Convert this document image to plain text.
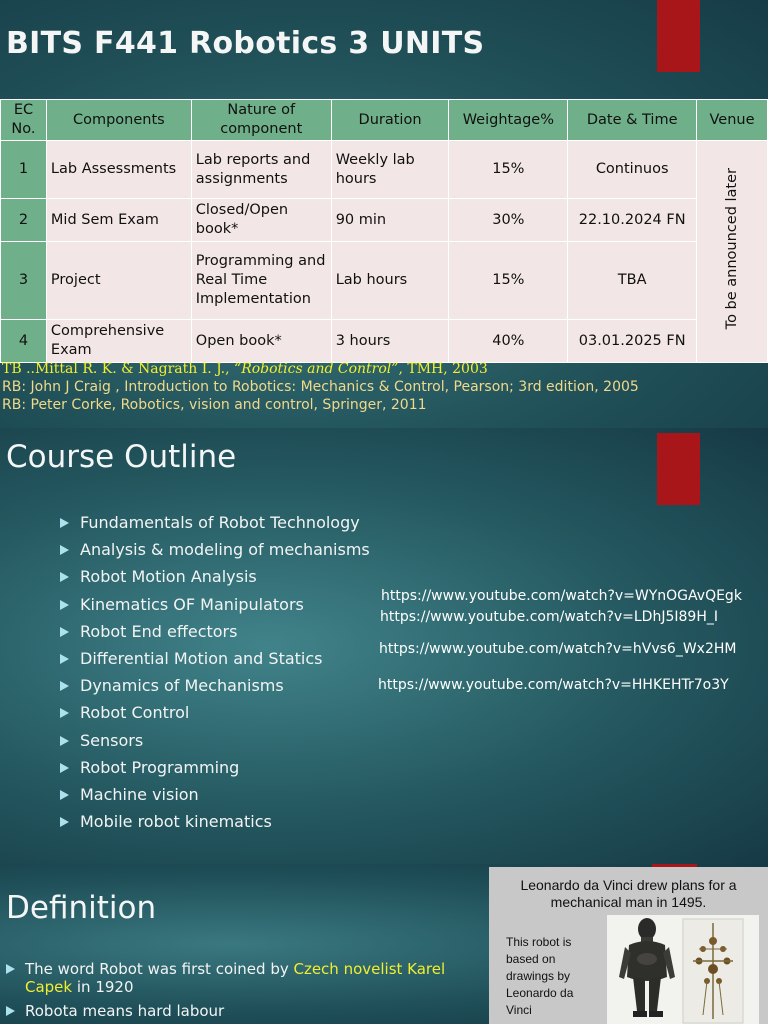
BITS F441 Robotics 3 UNITS
EC No.	Components	Nature of component	Duration	Weightage%	Date & Time	Venue
1	Lab Assessments	Lab reports and assignments	Weekly lab hours	15%	Continuos	To be announced later
2	Mid Sem Exam	Closed/Open book*	90 min	30%	22.10.2024 FN	
3	Project	Programming and Real Time Implementation	Lab hours	15%	TBA	
4	Comprehensive Exam	Open book*	3 hours	40%	03.01.2025 FN	
TB ..Mittal R. K. & Nagrath I. J., “Robotics and Control”, TMH, 2003
RB: John J Craig , Introduction to Robotics: Mechanics & Control, Pearson; 3rd edition, 2005
RB: Peter Corke, Robotics, vision and control, Springer, 2011
Course Outline
Fundamentals of Robot Technology
Analysis & modeling of mechanisms
Robot Motion Analysis
Kinematics OF Manipulators
Robot End effectors
Differential Motion and Statics
Dynamics of Mechanisms
Robot Control
Sensors
Robot Programming
Machine vision
Mobile robot kinematics
https://www.youtube.com/watch?v=WYnOGAvQEgk
https://www.youtube.com/watch?v=LDhJ5I89H_I
https://www.youtube.com/watch?v=hVvs6_Wx2HM
https://www.youtube.com/watch?v=HHKEHTr7o3Y
Definition
The word Robot was first coined by Czech novelist Karel Capek in 1920
Robota means hard labour
Leonardo da Vinci drew plans for a mechanical man in 1495.
This robot is based on drawings by Leonardo da Vinci
